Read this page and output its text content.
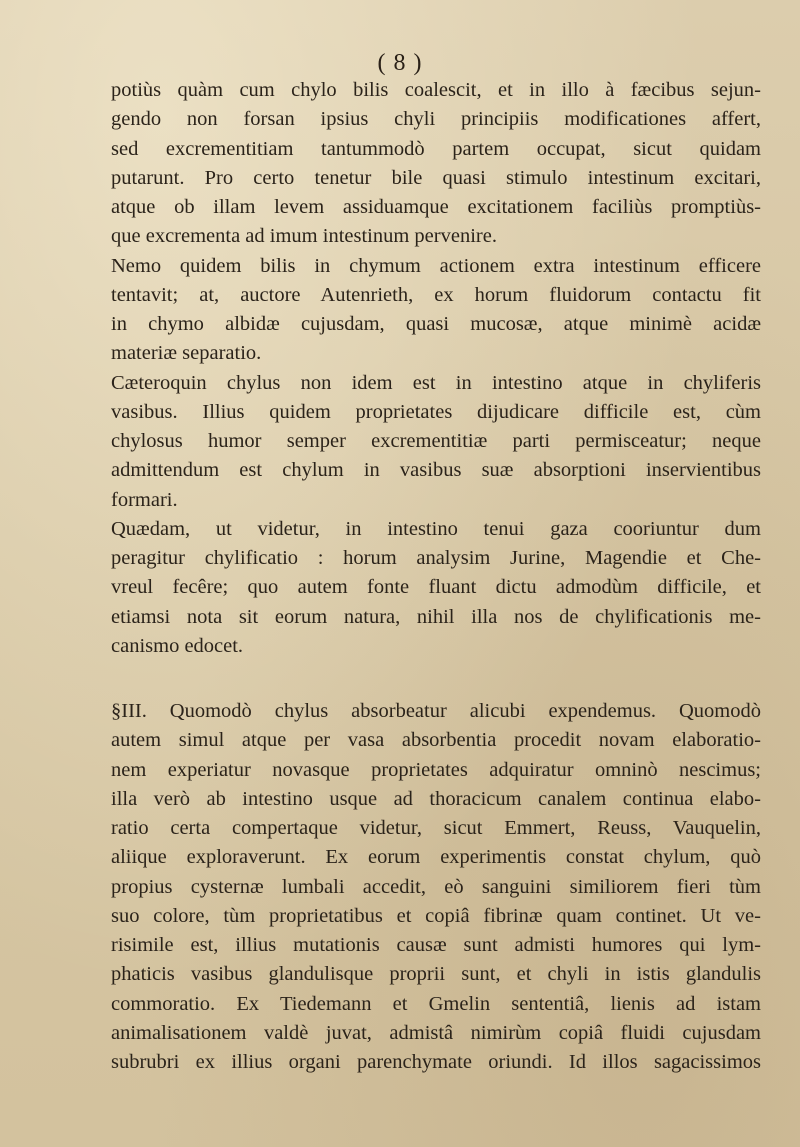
( 8 )
potiùs quàm cum chylo bilis coalescit, et in illo à fæcibus sejun-
gendo non forsan ipsius chyli principiis modificationes affert,
sed excrementitiam tantummodò partem occupat, sicut quidam
putarunt. Pro certo tenetur bile quasi stimulo intestinum excitari,
atque ob illam levem assiduamque excitationem faciliùs promptiùs-
que excrementa ad imum intestinum pervenire.
Nemo quidem bilis in chymum actionem extra intestinum efficere
tentavit; at, auctore Autenrieth, ex horum fluidorum contactu fit
in chymo albidæ cujusdam, quasi mucosæ, atque minimè acidæ
materiæ separatio.
Cæteroquin chylus non idem est in intestino atque in chyliferis
vasibus. Illius quidem proprietates dijudicare difficile est, cùm
chylosus humor semper excrementitiæ parti permisceatur; neque
admittendum est chylum in vasibus suæ absorptioni inservientibus
formari.
Quædam, ut videtur, in intestino tenui gaza cooriuntur dum
peragitur chylificatio : horum analysim Jurine, Magendie et Che-
vreul fecêre; quo autem fonte fluant dictu admodùm difficile, et
etiamsi nota sit eorum natura, nihil illa nos de chylificationis me-
canismo edocet.
§III. Quomodò chylus absorbeatur alicubi expendemus. Quomodò
autem simul atque per vasa absorbentia procedit novam elaboratio-
nem experiatur novasque proprietates adquiratur omninò nescimus;
illa verò ab intestino usque ad thoracicum canalem continua elabo-
ratio certa compertaque videtur, sicut Emmert, Reuss, Vauquelin,
aliique exploraverunt. Ex eorum experimentis constat chylum, quò
propius cysternæ lumbali accedit, eò sanguini similiorem fieri tùm
suo colore, tùm proprietatibus et copiâ fibrinæ quam continet. Ut ve-
risimile est, illius mutationis causæ sunt admisti humores qui lym-
phaticis vasibus glandulisque proprii sunt, et chyli in istis glandulis
commoratio. Ex Tiedemann et Gmelin sententiâ, lienis ad istam
animalisationem valdè juvat, admistâ nimirùm copiâ fluidi cujusdam
subrubri ex illius organi parenchymate oriundi. Id illos sagacissimos
